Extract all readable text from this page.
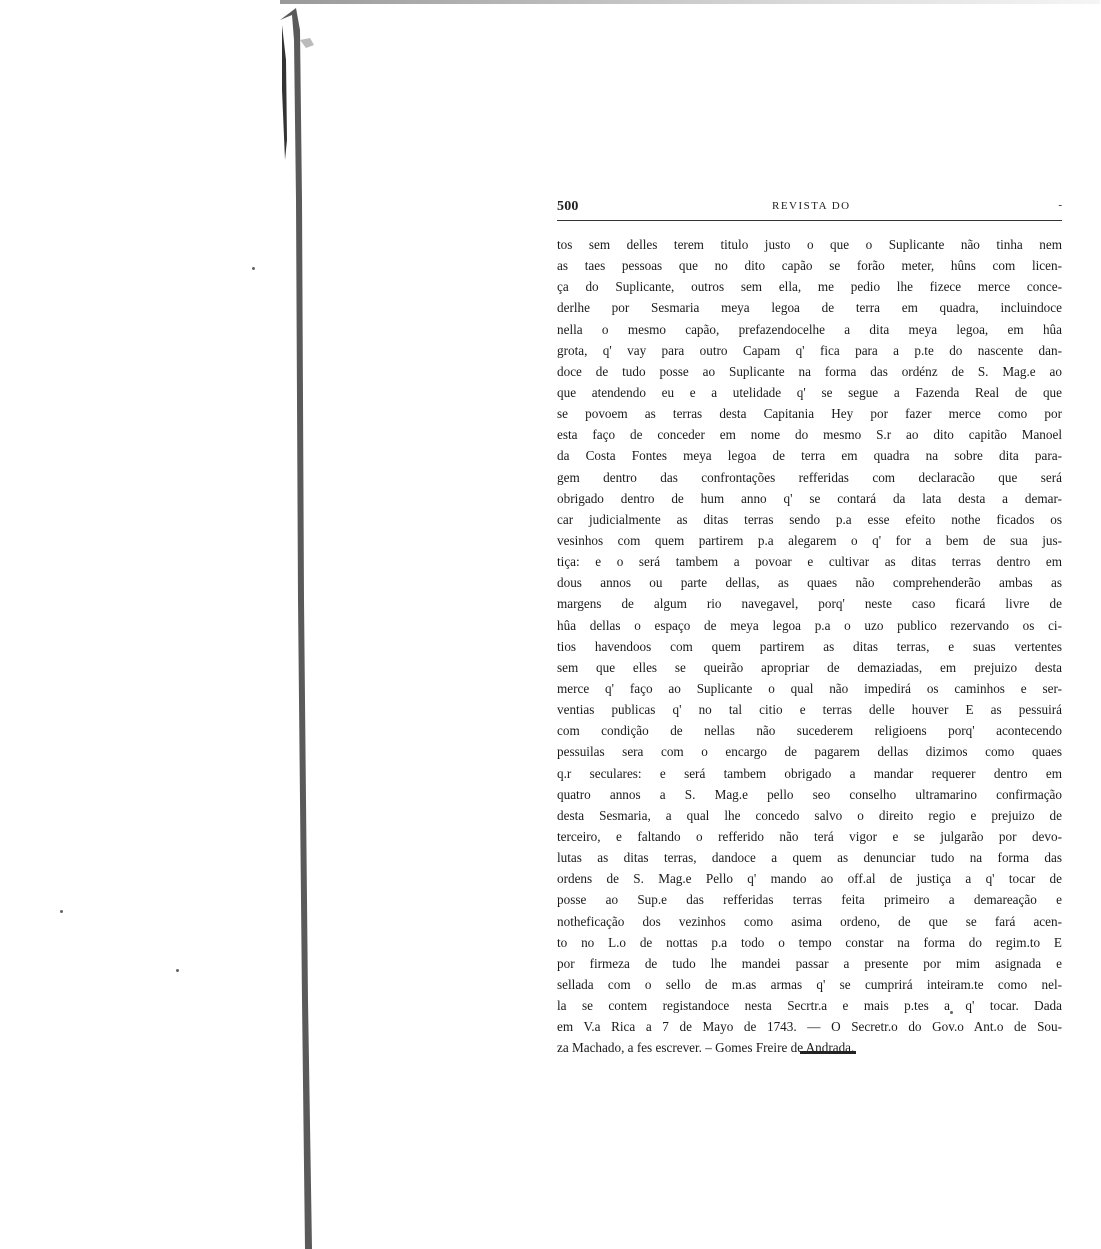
500	REVISTA DO	-
tos sem delles terem titulo justo o que o Suplicante não tinha nem
as taes pessoas que no dito capão se forão meter, hûns com licen-
ça do Suplicante, outros sem ella, me pedio lhe fizece merce conce-
derlhe por Sesmaria meya legoa de terra em quadra, incluindoce
nella o mesmo capão, prefazendocelhe a dita meya legoa, em hûa
grota, q' vay para outro Capam q' fica para a p.te do nascente dan-
doce de tudo posse ao Suplicante na forma das ordénz de S. Mag.e ao
que atendendo eu e a utelidade q' se segue a Fazenda Real de que
se povoem as terras desta Capitania Hey por fazer merce como por
esta faço de conceder em nome do mesmo S.r ao dito capitão Manoel
da Costa Fontes meya legoa de terra em quadra na sobre dita para-
gem dentro das confrontações refferidas com declaracão que será
obrigado dentro de hum anno q' se contará da lata desta a demar-
car judicialmente as ditas terras sendo p.a esse efeito nothe ficados os
vesinhos com quem partirem p.a alegarem o q' for a bem de sua jus-
tiça: e o será tambem a povoar e cultivar as ditas terras dentro em
dous annos ou parte dellas, as quaes não comprehenderão ambas as
margens de algum rio navegavel, porq' neste caso ficará livre de
hûa dellas o espaço de meya legoa p.a o uzo publico rezervando os ci-
tios havendoos com quem partirem as ditas terras, e suas vertentes
sem que elles se queirão apropriar de demaziadas, em prejuizo desta
merce q' faço ao Suplicante o qual não impedirá os caminhos e ser-
ventias publicas q' no tal citio e terras delle houver E as pessuirá
com condição de nellas não sucederem religioens porq' acontecendo
pessuilas sera com o encargo de pagarem dellas dizimos como quaes
q.r seculares: e será tambem obrigado a mandar requerer dentro em
quatro annos a S. Mag.e pello seo conselho ultramarino confirmação
desta Sesmaria, a qual lhe concedo salvo o direito regio e prejuizo de
terceiro, e faltando o refferido não terá vigor e se julgarão por devo-
lutas as ditas terras, dandoce a quem as denunciar tudo na forma das
ordens de S. Mag.e Pello q' mando ao off.al de justiça a q' tocar de
posse ao Sup.e das refferidas terras feita primeiro a demareação e
notheficação dos vezinhos como asima ordeno, de que se fará acen-
to no L.o de nottas p.a todo o tempo constar na forma do regim.to E
por firmeza de tudo lhe mandei passar a presente por mim asignada e
sellada com o sello de m.as armas q' se cumprirá inteiram.te como nel-
la se contem registandoce nesta Secrtr.a e mais p.tes a q' tocar. Dada
em V.a Rica a 7 de Mayo de 1743. — O Secretr.o do Gov.o Ant.o de Sou-
za Machado, a fes escrever. – Gomes Freire de Andrada.
